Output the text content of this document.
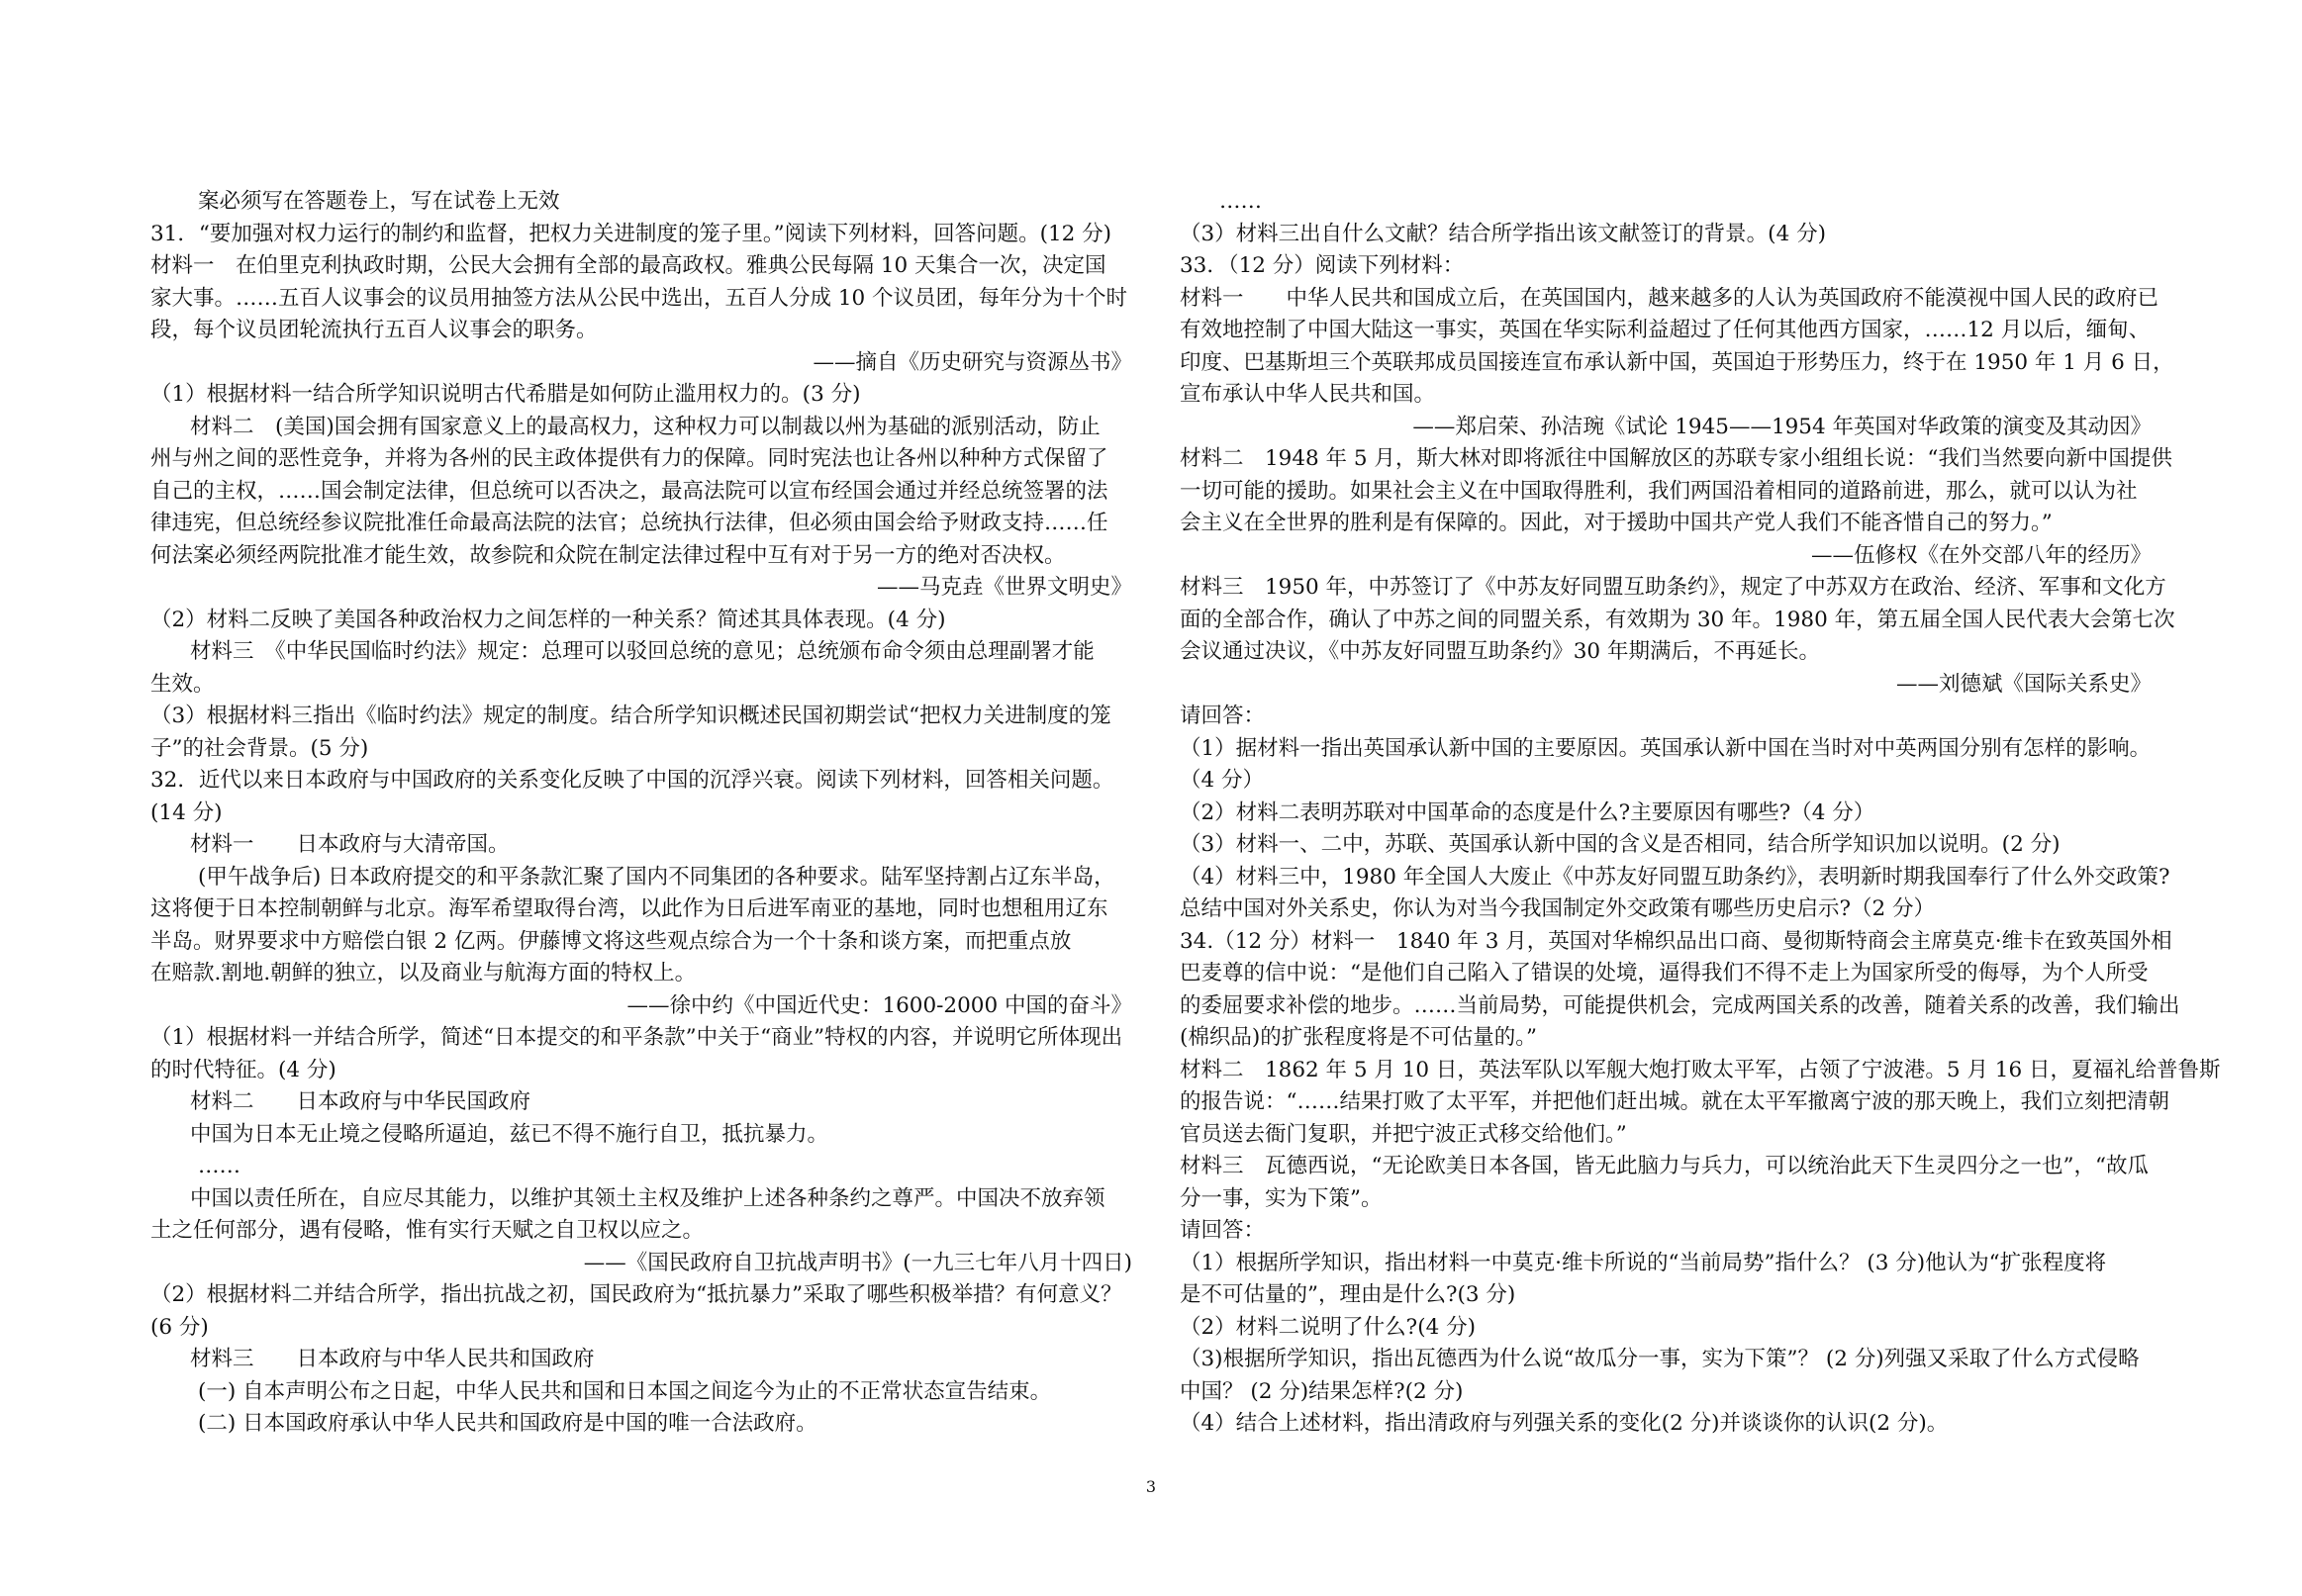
案必须写在答题卷上，写在试卷上无效
31．“要加强对权力运行的制约和监督，把权力关进制度的笼子里。”阅读下列材料，回答问题。(12 分)
材料一　在伯里克利执政时期，公民大会拥有全部的最高政权。雅典公民每隔 10 天集合一次，决定国
家大事。……五百人议事会的议员用抽签方法从公民中选出，五百人分成 10 个议员团，每年分为十个时
段，每个议员团轮流执行五百人议事会的职务。
——摘自《历史研究与资源丛书》
（1）根据材料一结合所学知识说明古代希腊是如何防止滥用权力的。(3 分)
材料二　(美国)国会拥有国家意义上的最高权力，这种权力可以制裁以州为基础的派别活动，防止
州与州之间的恶性竞争，并将为各州的民主政体提供有力的保障。同时宪法也让各州以种种方式保留了
自己的主权，……国会制定法律，但总统可以否决之，最高法院可以宣布经国会通过并经总统签署的法
律违宪，但总统经参议院批准任命最高法院的法官；总统执行法律，但必须由国会给予财政支持……任
何法案必须经两院批准才能生效，故参院和众院在制定法律过程中互有对于另一方的绝对否决权。
——马克垚《世界文明史》
（2）材料二反映了美国各种政治权力之间怎样的一种关系？简述其具体表现。(4 分)
材料三　《中华民国临时约法》规定：总理可以驳回总统的意见；总统颁布命令须由总理副署才能
生效。
（3）根据材料三指出《临时约法》规定的制度。结合所学知识概述民国初期尝试“把权力关进制度的笼
子”的社会背景。(5 分)
32．近代以来日本政府与中国政府的关系变化反映了中国的沉浮兴衰。阅读下列材料，回答相关问题。
(14 分)
材料一　　日本政府与大清帝国。
(甲午战争后) 日本政府提交的和平条款汇聚了国内不同集团的各种要求。陆军坚持割占辽东半岛，
这将便于日本控制朝鲜与北京。海军希望取得台湾，以此作为日后进军南亚的基地，同时也想租用辽东
半岛。财界要求中方赔偿白银 2 亿两。伊藤博文将这些观点综合为一个十条和谈方案，而把重点放
在赔款.割地.朝鲜的独立，以及商业与航海方面的特权上。
——徐中约《中国近代史：1600-2000 中国的奋斗》
（1）根据材料一并结合所学，简述“日本提交的和平条款”中关于“商业”特权的内容，并说明它所体现出
的时代特征。(4 分)
材料二　　日本政府与中华民国政府
中国为日本无止境之侵略所逼迫，兹已不得不施行自卫，抵抗暴力。
……
中国以责任所在，自应尽其能力，以维护其领土主权及维护上述各种条约之尊严。中国决不放弃领
土之任何部分，遇有侵略，惟有实行天赋之自卫权以应之。
——《国民政府自卫抗战声明书》(一九三七年八月十四日)
（2）根据材料二并结合所学，指出抗战之初，国民政府为“抵抗暴力”采取了哪些积极举措？有何意义？
(6 分)
材料三　　日本政府与中华人民共和国政府
(一) 自本声明公布之日起，中华人民共和国和日本国之间迄今为止的不正常状态宣告结束。
(二) 日本国政府承认中华人民共和国政府是中国的唯一合法政府。
……
（3）材料三出自什么文献？结合所学指出该文献签订的背景。(4 分)
33．（12 分）阅读下列材料：
材料一　　中华人民共和国成立后，在英国国内，越来越多的人认为英国政府不能漠视中国人民的政府已
有效地控制了中国大陆这一事实，英国在华实际利益超过了任何其他西方国家，……12 月以后，缅甸、
印度、巴基斯坦三个英联邦成员国接连宣布承认新中国，英国迫于形势压力，终于在 1950 年 1 月 6 日，
宣布承认中华人民共和国。
——郑启荣、孙洁琬《试论 1945——1954 年英国对华政策的演变及其动因》
材料二　1948 年 5 月，斯大林对即将派往中国解放区的苏联专家小组组长说：“我们当然要向新中国提供
一切可能的援助。如果社会主义在中国取得胜利，我们两国沿着相同的道路前进，那么，就可以认为社
会主义在全世界的胜利是有保障的。因此，对于援助中国共产党人我们不能吝惜自己的努力。”
——伍修权《在外交部八年的经历》
材料三　1950 年，中苏签订了《中苏友好同盟互助条约》，规定了中苏双方在政治、经济、军事和文化方
面的全部合作，确认了中苏之间的同盟关系，有效期为 30 年。1980 年，第五届全国人民代表大会第七次
会议通过决议，《中苏友好同盟互助条约》30 年期满后，不再延长。
——刘德斌《国际关系史》
请回答：
（1）据材料一指出英国承认新中国的主要原因。英国承认新中国在当时对中英两国分别有怎样的影响。
（4 分）
（2）材料二表明苏联对中国革命的态度是什么?主要原因有哪些?（4 分）
（3）材料一、二中，苏联、英国承认新中国的含义是否相同，结合所学知识加以说明。(2 分)
（4）材料三中，1980 年全国人大废止《中苏友好同盟互助条约》，表明新时期我国奉行了什么外交政策?
总结中国对外关系史，你认为对当今我国制定外交政策有哪些历史启示?（2 分）
34.（12 分）材料一　1840 年 3 月，英国对华棉织品出口商、曼彻斯特商会主席莫克·维卡在致英国外相
巴麦尊的信中说：“是他们自己陷入了错误的处境，逼得我们不得不走上为国家所受的侮辱，为个人所受
的委屈要求补偿的地步。……当前局势，可能提供机会，完成两国关系的改善，随着关系的改善，我们输出
(棉织品)的扩张程度将是不可估量的。”
材料二　1862 年 5 月 10 日，英法军队以军舰大炮打败太平军，占领了宁波港。5 月 16 日，夏福礼给普鲁斯
的报告说：“……结果打败了太平军，并把他们赶出城。就在太平军撤离宁波的那天晚上，我们立刻把清朝
官员送去衙门复职，并把宁波正式移交给他们。”
材料三　瓦德西说，“无论欧美日本各国，皆无此脑力与兵力，可以统治此天下生灵四分之一也”，“故瓜
分一事，实为下策”。
请回答：
（1）根据所学知识，指出材料一中莫克·维卡所说的“当前局势”指什么？ (3 分)他认为“扩张程度将
是不可估量的”，理由是什么?(3 分)
（2）材料二说明了什么?(4 分)
（3)根据所学知识，指出瓦德西为什么说“故瓜分一事，实为下策”？ (2 分)列强又采取了什么方式侵略
中国？ (2 分)结果怎样?(2 分)
（4）结合上述材料，指出清政府与列强关系的变化(2 分)并谈谈你的认识(2 分)。
3
